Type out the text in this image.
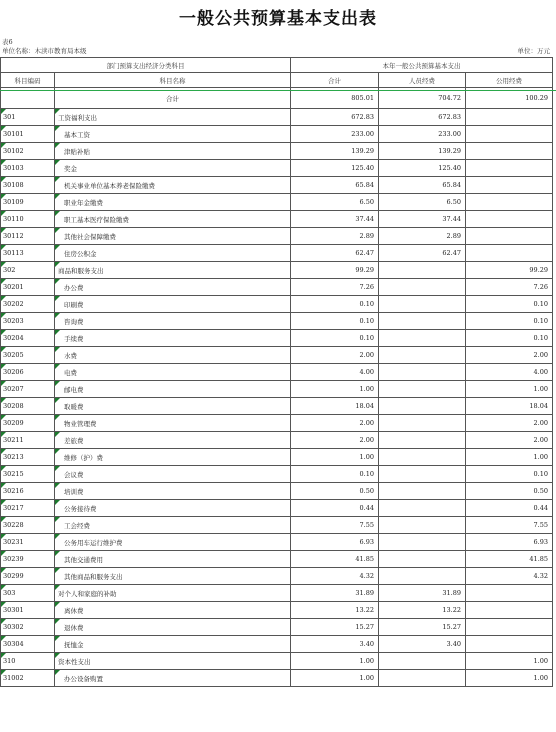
一般公共预算基本支出表
表6
单位名称：木渎市教育局本级	单位：万元
部门预算支出经济分类科目		本年一般公共预算基本支出		
科目编码	科目名称	合计	人员经费	公用经费
	合计	805.01	704.72	100.29

301	工资福利支出	672.83	672.83	

30101	基本工资	233.00	233.00	

30102	津贴补贴	139.29	139.29	

30103	奖金	125.40	125.40	

30108	机关事业单位基本养老保险缴费	65.84	65.84	

30109	职业年金缴费	6.50	6.50	

30110	职工基本医疗保险缴费	37.44	37.44	

30112	其他社会保障缴费	2.89	2.89	

30113	住房公积金	62.47	62.47	

302	商品和服务支出	99.29		99.29

30201	办公费	7.26		7.26

30202	印刷费	0.10		0.10

30203	咨询费	0.10		0.10

30204	手续费	0.10		0.10

30205	水费	2.00		2.00

30206	电费	4.00		4.00

30207	邮电费	1.00		1.00

30208	取暖费	18.04		18.04

30209	物业管理费	2.00		2.00

30211	差旅费	2.00		2.00

30213	维修（护）费	1.00		1.00

30215	会议费	0.10		0.10

30216	培训费	0.50		0.50

30217	公务接待费	0.44		0.44

30228	工会经费	7.55		7.55

30231	公务用车运行维护费	6.93		6.93

30239	其他交通费用	41.85		41.85

30299	其他商品和服务支出	4.32		4.32

303	对个人和家庭的补助	31.89	31.89	

30301	离休费	13.22	13.22	

30302	退休费	15.27	15.27	

30304	抚恤金	3.40	3.40	

310	资本性支出	1.00		1.00

31002	办公设备购置	1.00		1.00
